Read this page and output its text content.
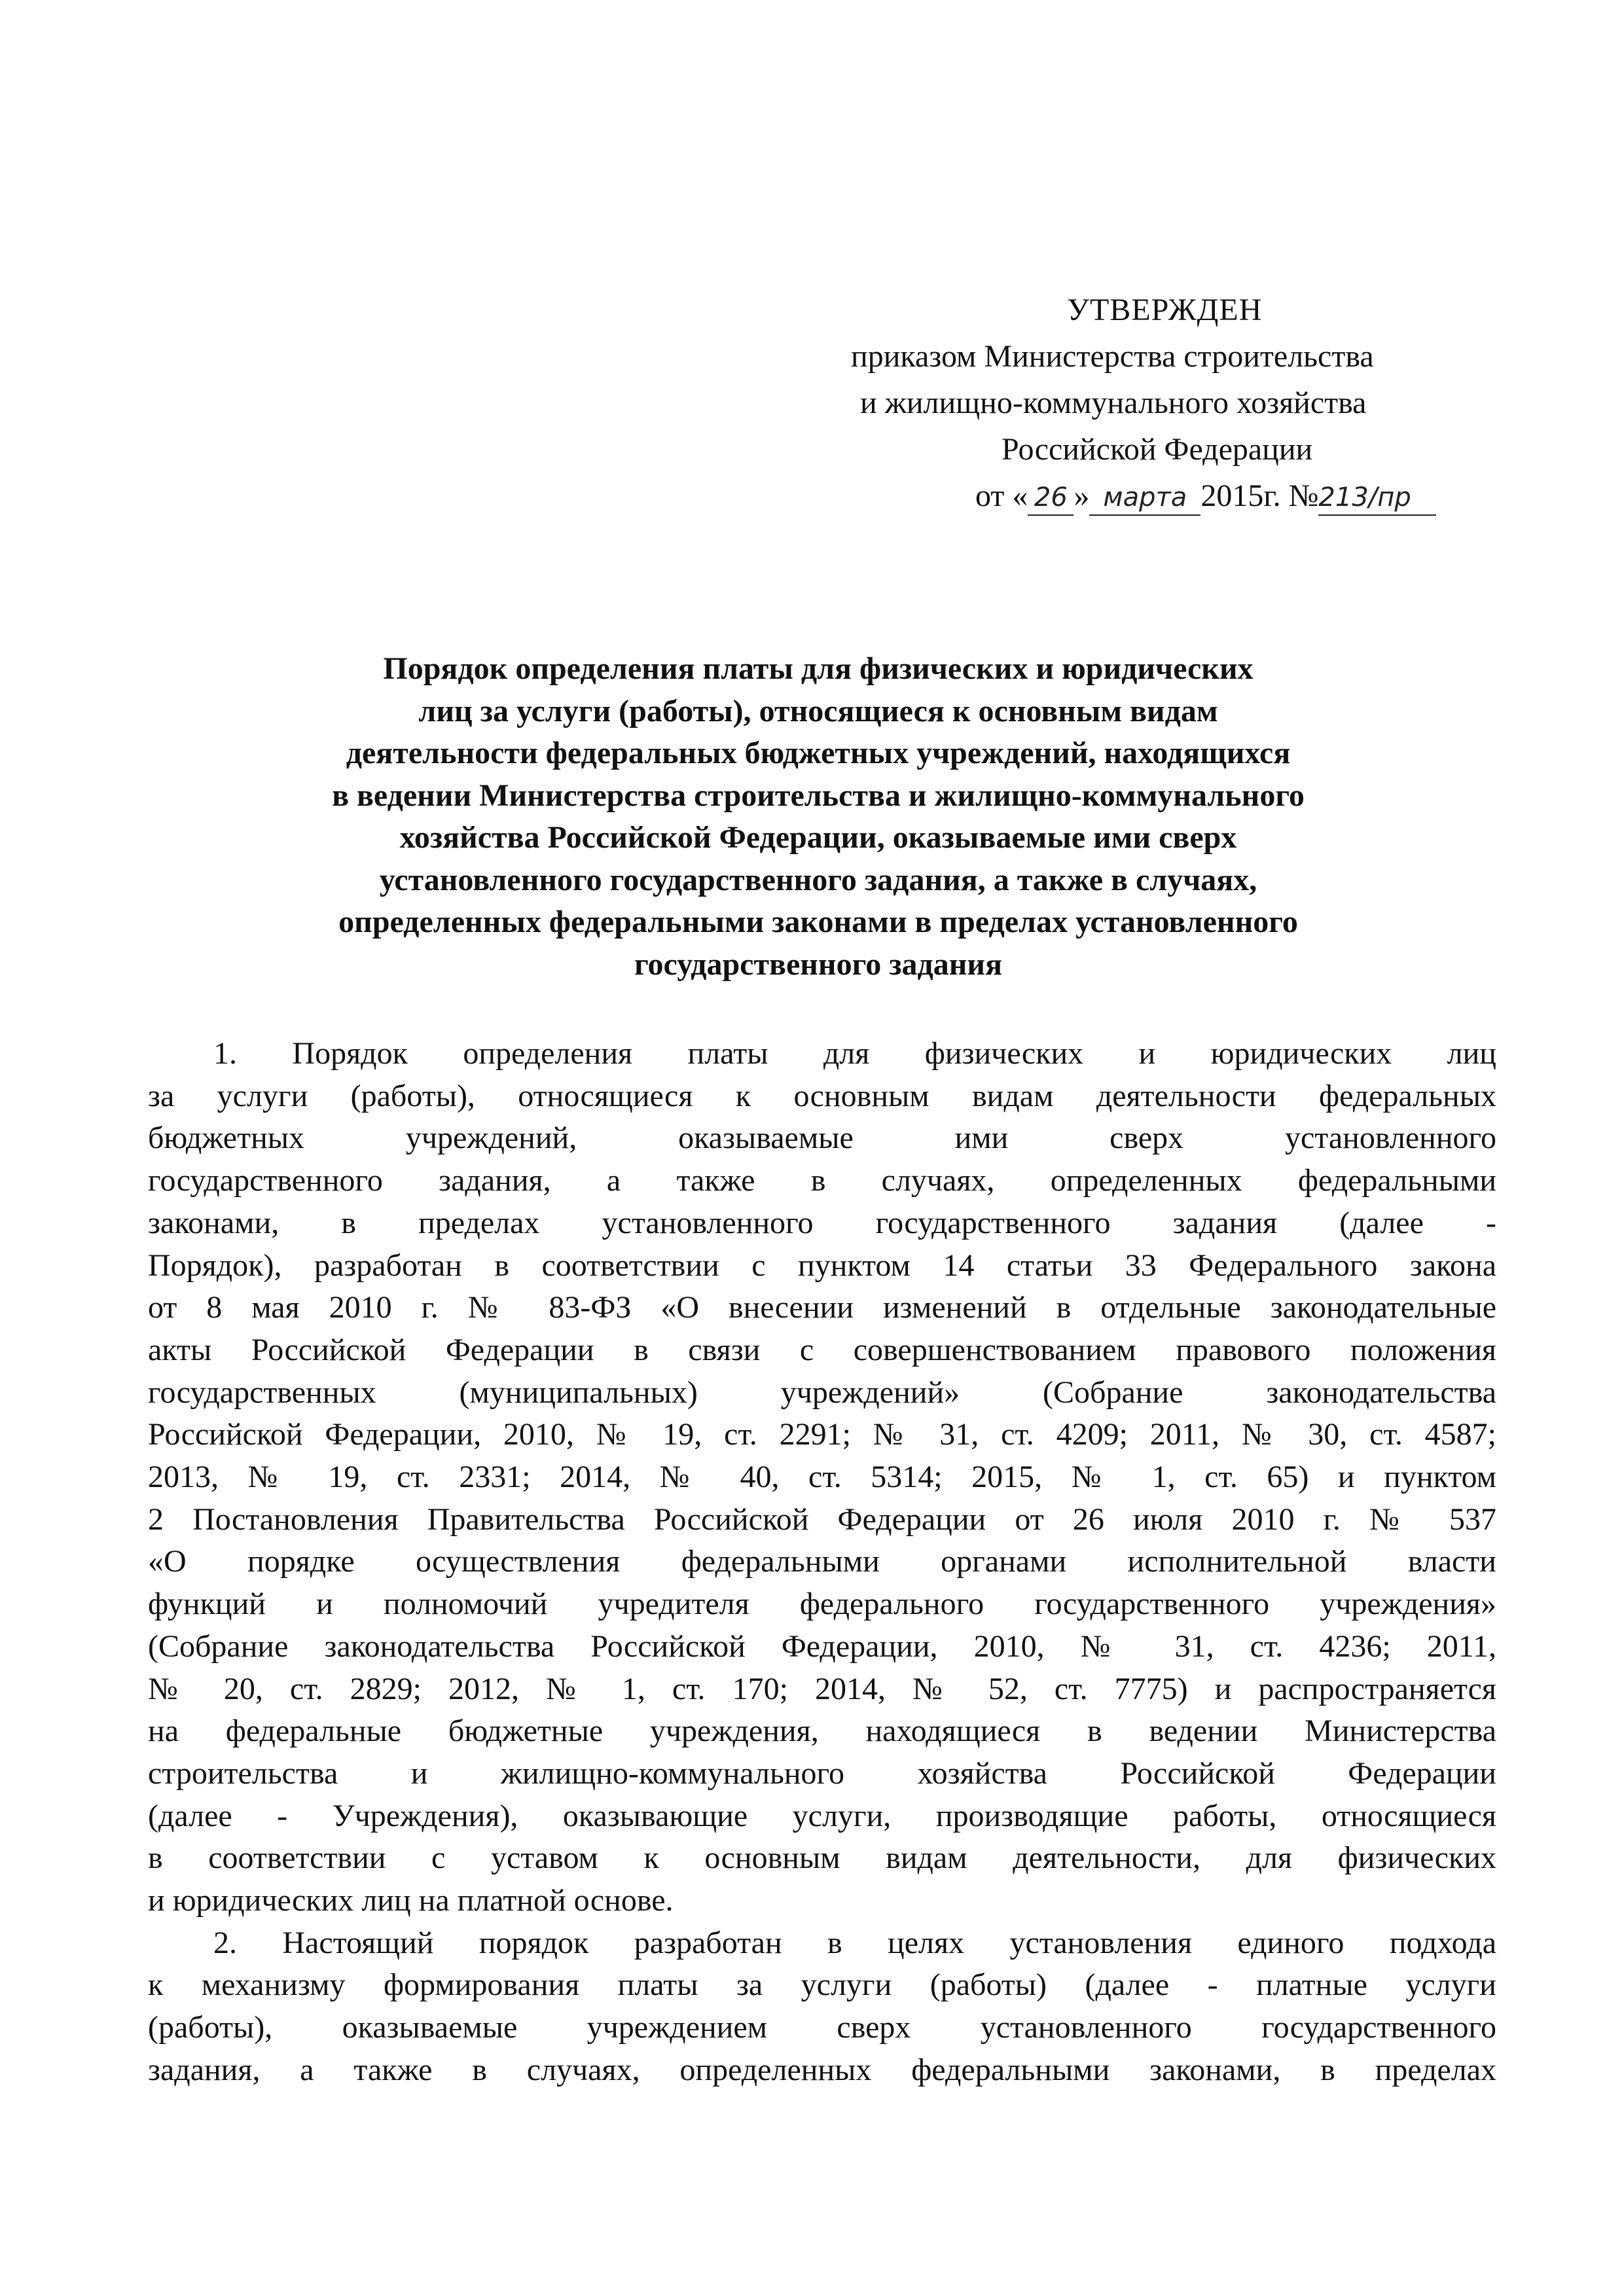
УТВЕРЖДЕН
приказом Министерства строительства
и жилищно-коммунального хозяйства
Российской Федерации
от « 26 » марта 2015г. №213/пр
Порядок определения платы для физических и юридических
лиц за услуги (работы), относящиеся к основным видам
деятельности федеральных бюджетных учреждений, находящихся
в ведении Министерства строительства и жилищно-коммунального
хозяйства Российской Федерации, оказываемые ими сверх
установленного государственного задания, а также в случаях,
определенных федеральными законами в пределах установленного
государственного задания
1. Порядок определения платы для физических и юридических лиц
за услуги (работы), относящиеся к основным видам деятельности федеральных
бюджетных учреждений, оказываемые ими сверх установленного
государственного задания, а также в случаях, определенных федеральными
законами, в пределах установленного государственного задания (далее -
Порядок), разработан в соответствии с пунктом 14 статьи 33 Федерального закона
от 8 мая 2010 г. № 83-ФЗ «О внесении изменений в отдельные законодательные
акты Российской Федерации в связи с совершенствованием правового положения
государственных (муниципальных) учреждений» (Собрание законодательства
Российской Федерации, 2010, № 19, ст. 2291; № 31, ст. 4209; 2011, № 30, ст. 4587;
2013, № 19, ст. 2331; 2014, № 40, ст. 5314; 2015, № 1, ст. 65) и пунктом
2 Постановления Правительства Российской Федерации от 26 июля 2010 г. № 537
«О порядке осуществления федеральными органами исполнительной власти
функций и полномочий учредителя федерального государственного учреждения»
(Собрание законодательства Российской Федерации, 2010, № 31, ст. 4236; 2011,
№ 20, ст. 2829; 2012, № 1, ст. 170; 2014, № 52, ст. 7775) и распространяется
на федеральные бюджетные учреждения, находящиеся в ведении Министерства
строительства и жилищно-коммунального хозяйства Российской Федерации
(далее - Учреждения), оказывающие услуги, производящие работы, относящиеся
в соответствии с уставом к основным видам деятельности, для физических
и юридических лиц на платной основе.
2. Настоящий порядок разработан в целях установления единого подхода
к механизму формирования платы за услуги (работы) (далее - платные услуги
(работы), оказываемые учреждением сверх установленного государственного
задания, а также в случаях, определенных федеральными законами, в пределах
